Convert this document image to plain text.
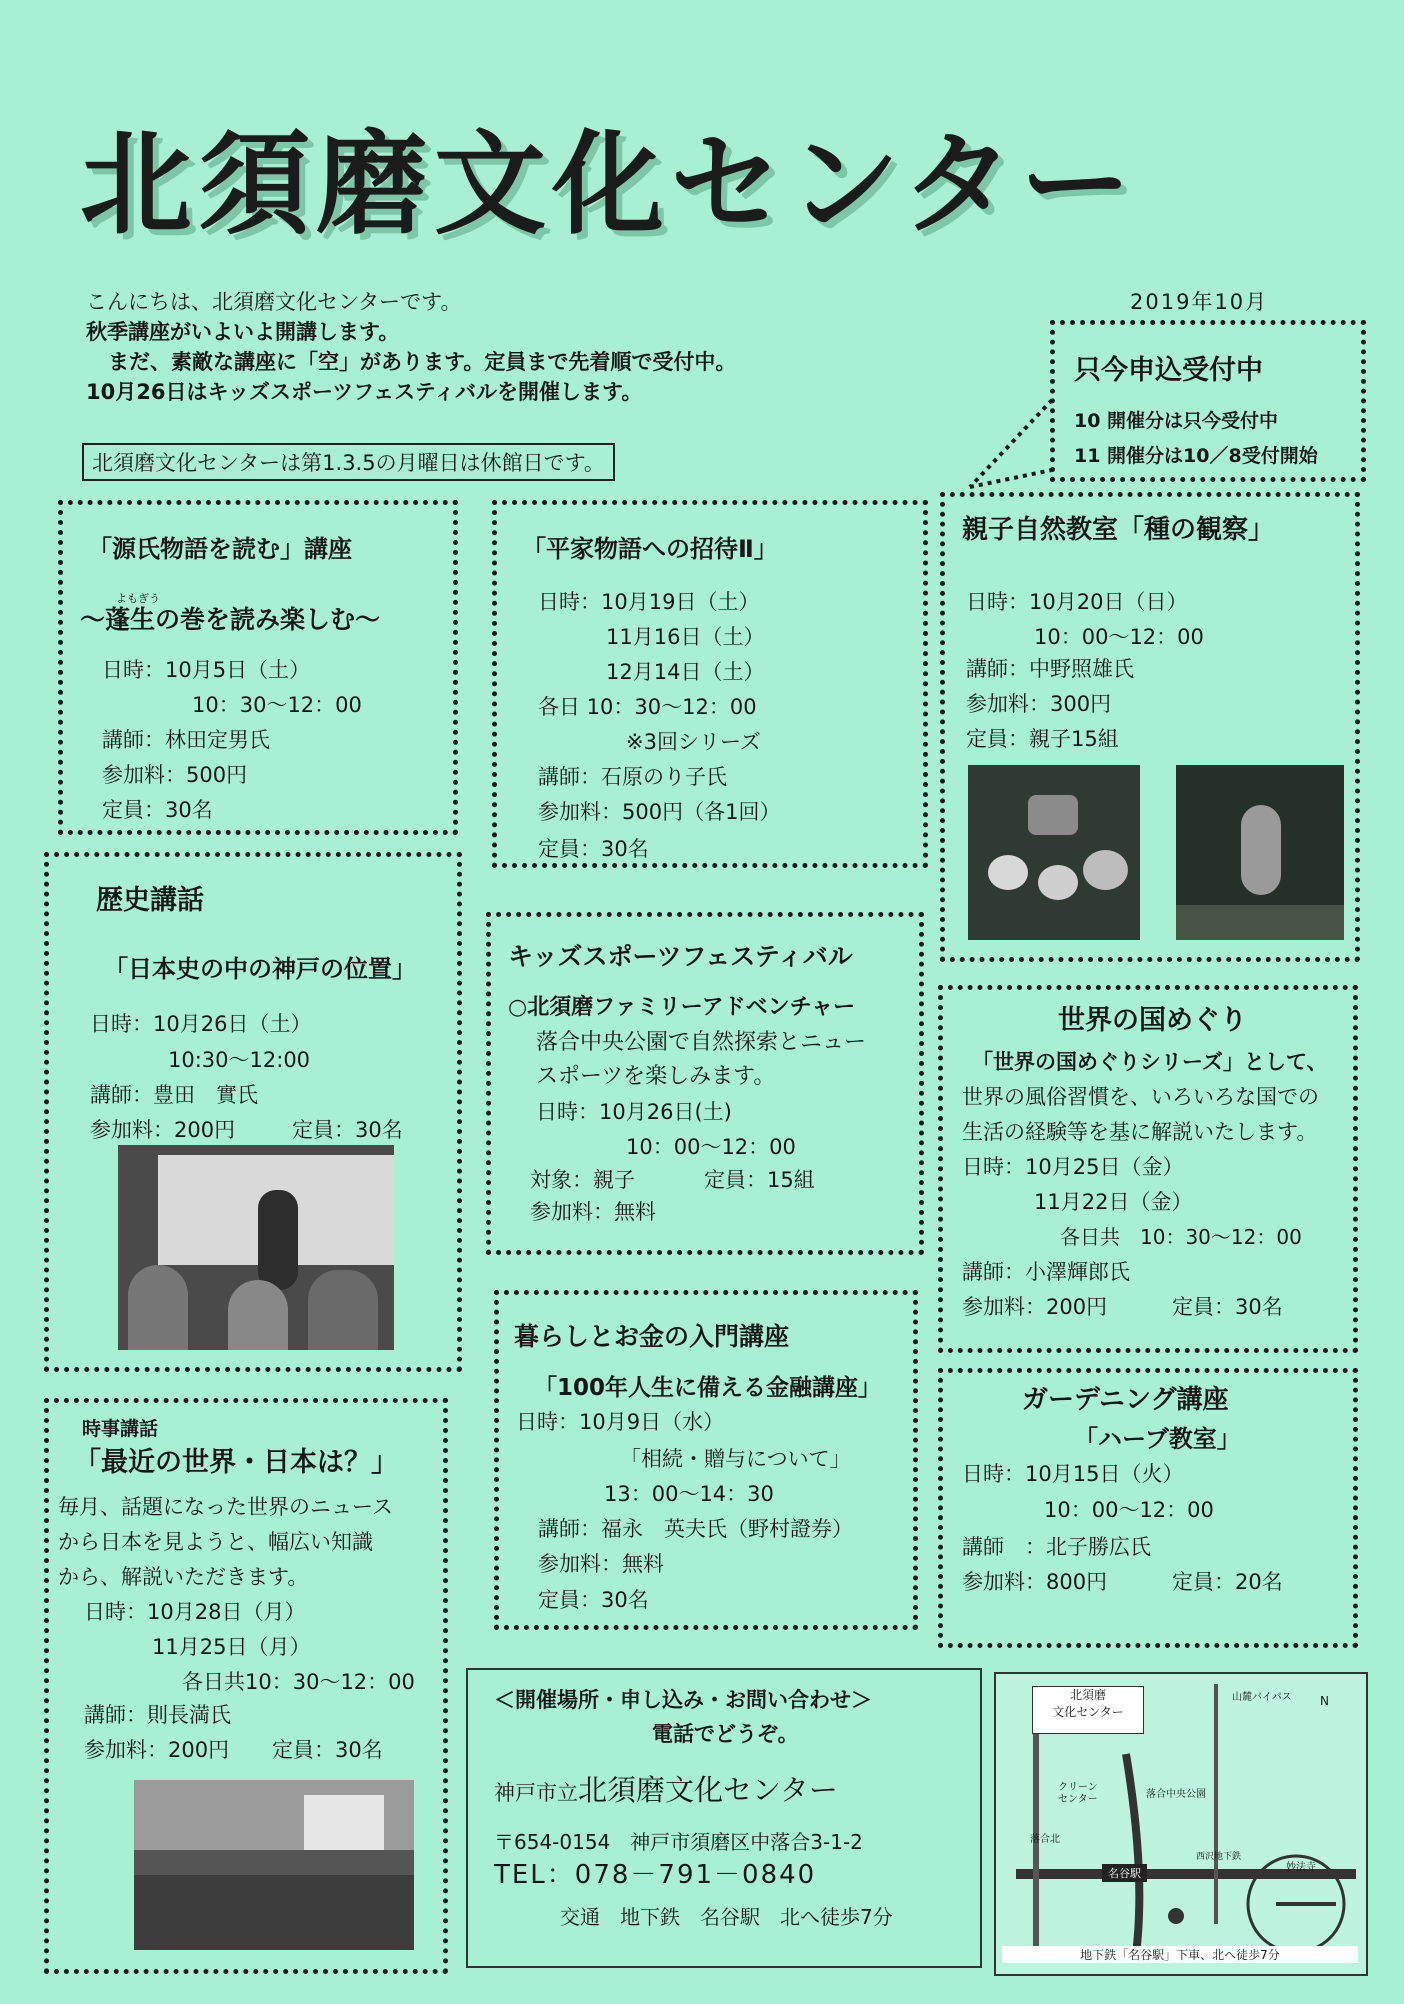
北須磨文化センター
こんにちは、北須磨文化センターです。
秋季講座がいよいよ開講します。
まだ、素敵な講座に「空」があります。定員まで先着順で受付中。
10月26日はキッズスポーツフェスティバルを開催します。
2019年10月
北須磨文化センターは第1.3.5の月曜日は休館日です。
只今申込受付中
10 開催分は只今受付中
11 開催分は10／8受付開始
「源氏物語を読む」講座
よもぎう
～蓬生の巻を読み楽しむ～
日時：10月5日（土）
10：30～12：00
講師：林田定男氏
参加料：500円
定員：30名
「平家物語への招待Ⅱ」
日時：10月19日（土）
11月16日（土）
12月14日（土）
各日 10：30～12：00
※3回シリーズ
講師：石原のり子氏
参加料：500円（各1回）
定員：30名
親子自然教室「種の観察」
日時：10月20日（日）
10：00～12：00
講師：中野照雄氏
参加料：300円
定員：親子15組
歴史講話
「日本史の中の神戸の位置」
日時：10月26日（土）
10:30～12:00
講師：豊田　實氏
参加料：200円	定員：30名
キッズスポーツフェスティバル
○北須磨ファミリーアドベンチャー
落合中央公園で自然探索とニュー
スポーツを楽しみます。
日時：10月26日(土)
10：00～12：00
対象：親子	定員：15組
参加料：無料
世界の国めぐり
「世界の国めぐりシリーズ」として、
世界の風俗習慣を、いろいろな国での
生活の経験等を基に解説いたします。
日時：10月25日（金）
11月22日（金）
各日共　10：30～12：00
講師：小澤輝郎氏
参加料：200円	定員：30名
暮らしとお金の入門講座
「100年人生に備える金融講座」
日時：10月9日（水）
「相続・贈与について」
13：00～14：30
講師：福永　英夫氏（野村證券）
参加料：無料
定員：30名
時事講話
「最近の世界・日本は？」
毎月、話題になった世界のニュース
から日本を見ようと、幅広い知識
から、解説いただきます。
日時：10月28日（月）
11月25日（月）
各日共10：30～12：00
講師：則長満氏
参加料：200円 定員：30名
ガーデニング講座
「ハーブ教室」
日時：10月15日（火）
10：00～12：00
講師　：北子勝広氏
参加料：800円	定員：20名
＜開催場所・申し込み・お問い合わせ＞
電話でどうぞ。
神戸市立北須磨文化センター
〒654-0154　神戸市須磨区中落合3-1-2
TEL：078－791－0840
交通　地下鉄　名谷駅　北へ徒歩7分
北須磨
文化センター
山麓バイパス N
クリーン
センター	落合中央公園
落合北
名谷駅
西沢地下鉄
妙法寺
地下鉄「名谷駅」下車、北へ徒歩7分
